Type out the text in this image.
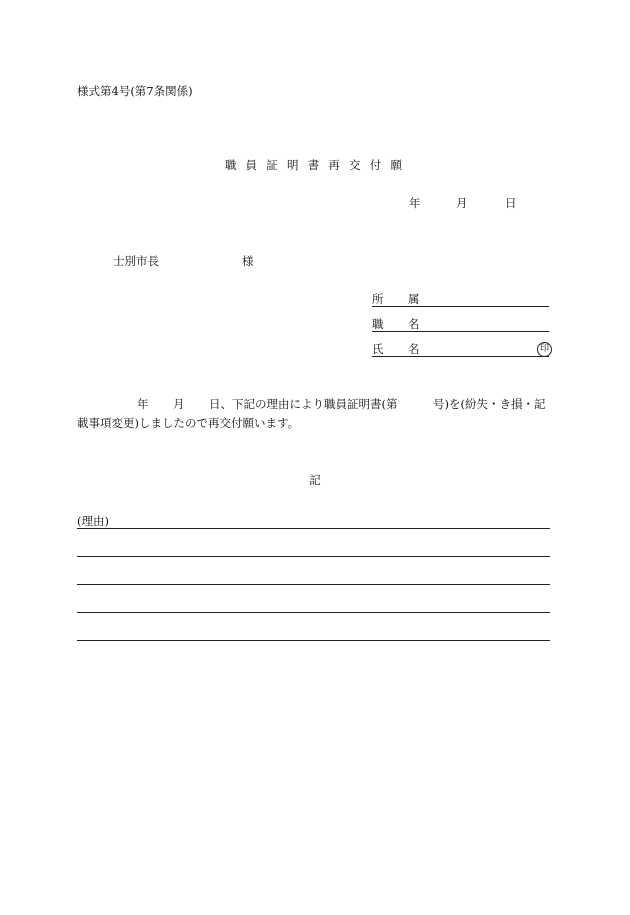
様式第4号(第7条関係)
職 員 証 明 書 再 交 付 願
年	月	日
士別市長	様
所 属
職 名
氏 名	印
年 月 日、下記の理由により職員証明書(第	号)を(紛失・き損・記
載事項変更)しましたので再交付願います。
記
(理由)
